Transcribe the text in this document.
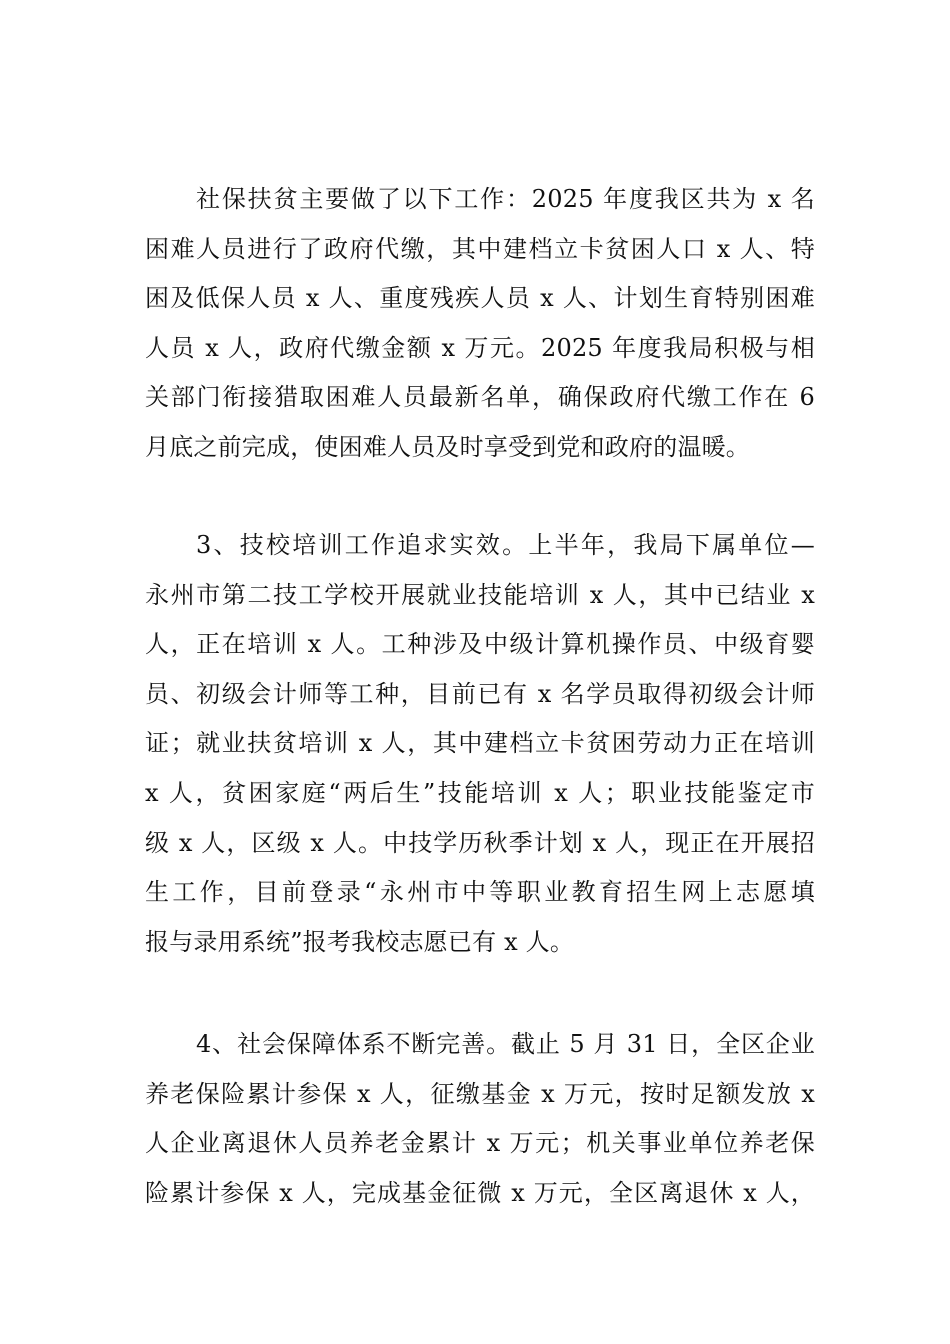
社保扶贫主要做了以下工作：2025 年度我区共为 x 名
困难人员进行了政府代缴，其中建档立卡贫困人口 x 人、特
困及低保人员 x 人、重度残疾人员 x 人、计划生育特别困难
人员 x 人，政府代缴金额 x 万元。2025 年度我局积极与相
关部门衔接猎取困难人员最新名单，确保政府代缴工作在 6
月底之前完成，使困难人员及时享受到党和政府的温暖。
3、技校培训工作追求实效。上半年，我局下属单位—
永州市第二技工学校开展就业技能培训 x 人，其中已结业 x
人，正在培训 x 人。工种涉及中级计算机操作员、中级育婴
员、初级会计师等工种，目前已有 x 名学员取得初级会计师
证；就业扶贫培训 x 人，其中建档立卡贫困劳动力正在培训
x 人，贫困家庭“两后生”技能培训 x 人；职业技能鉴定市
级 x 人，区级 x 人。中技学历秋季计划 x 人，现正在开展招
生工作，目前登录“永州市中等职业教育招生网上志愿填
报与录用系统”报考我校志愿已有 x 人。
4、社会保障体系不断完善。截止 5 月 31 日，全区企业
养老保险累计参保 x 人，征缴基金 x 万元，按时足额发放 x
人企业离退休人员养老金累计 x 万元；机关事业单位养老保
险累计参保 x 人，完成基金征微 x 万元，全区离退休 x 人，
